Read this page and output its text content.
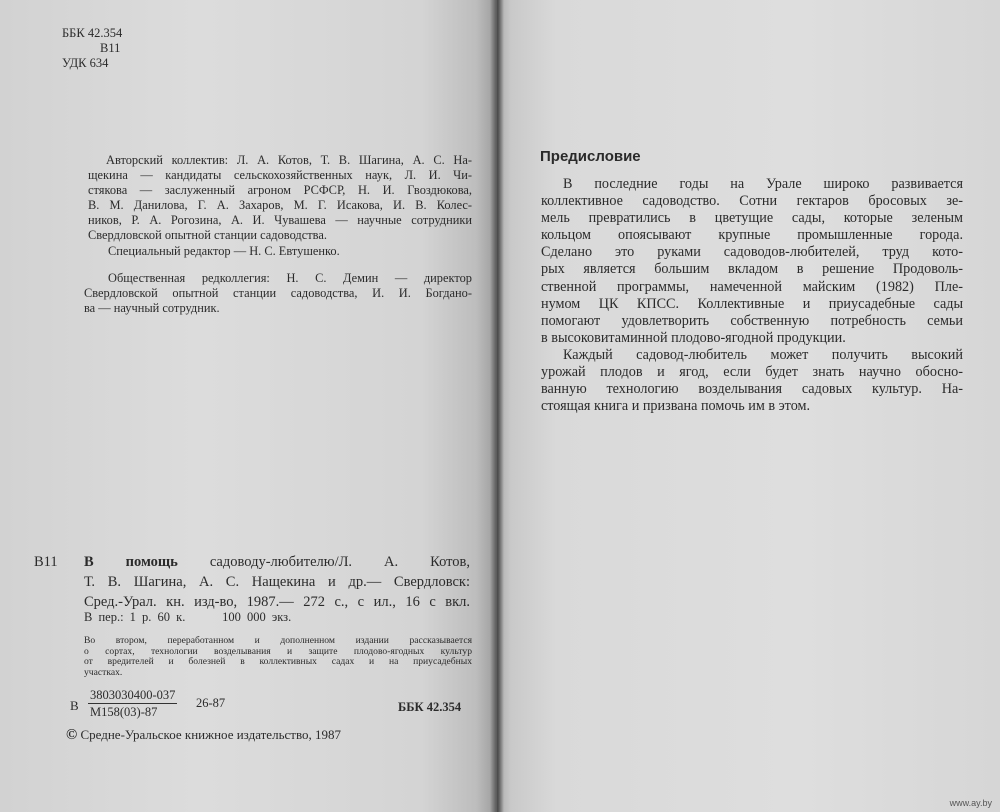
ББК 42.354
В11
УДК 634
Авторский коллектив: Л. А. Котов, Т. В. Шагина, А. С. На-
щекина — кандидаты сельскохозяйственных наук, Л. И. Чи-
стякова — заслуженный агроном РСФСР, Н. И. Гвоздюкова,
В. М. Данилова, Г. А. Захаров, М. Г. Исакова, И. В. Колес-
ников, Р. А. Рогозина, А. И. Чувашева — научные сотрудники
Свердловской опытной станции садоводства.
Специальный редактор — Н. С. Евтушенко.
Общественная редколлегия: Н. С. Демин — директор
Свердловской опытной станции садоводства, И. И. Богдано-
ва — научный сотрудник.
В11 В помощь садоводу-любителю/Л. А. Котов,
Т. В. Шагина, А. С. Нащекина и др.— Свердловск:
Сред.-Урал. кн. изд-во, 1987.— 272 с., с ил., 16 с вкл.
В пер.: 1 р. 60 к.      100 000 экз.
Во втором, переработанном и дополненном издании рассказывается
о сортах, технологии возделывания и защите плодово-ягодных культур
от вредителей и болезней в коллективных садах и на приусадебных
участках.
В
3803030400-037
М158(03)-87
26-87	ББК 42.354
© Средне-Уральское книжное издательство, 1987
Предисловие
В последние годы на Урале широко развивается
коллективное садоводство. Сотни гектаров бросовых зе-
мель превратились в цветущие сады, которые зеленым
кольцом опоясывают крупные промышленные города.
Сделано это руками садоводов-любителей, труд кото-
рых является большим вкладом в решение Продоволь-
ственной программы, намеченной майским (1982) Пле-
нумом ЦК КПСС. Коллективные и приусадебные сады
помогают удовлетворить собственную потребность семьи
в высоковитаминной плодово-ягодной продукции.
Каждый садовод-любитель может получить высокий
урожай плодов и ягод, если будет знать научно обосно-
ванную технологию возделывания садовых культур. На-
стоящая книга и призвана помочь им в этом.
www.ay.by
